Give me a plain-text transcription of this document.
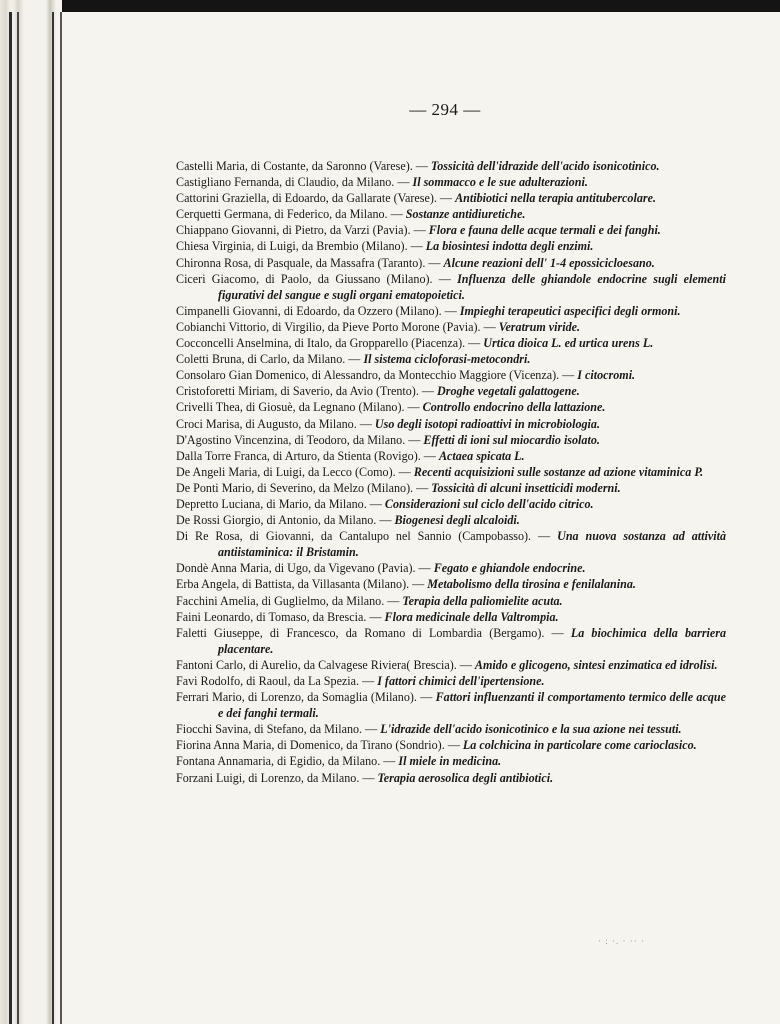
— 294 —
Castelli Maria, di Costante, da Saronno (Varese). — Tossicità dell'idrazide dell'acido isonicotinico.
Castigliano Fernanda, di Claudio, da Milano. — Il sommacco e le sue adulterazioni.
Cattorini Graziella, di Edoardo, da Gallarate (Varese). — Antibiotici nella terapia antitubercolare.
Cerquetti Germana, di Federico, da Milano. — Sostanze antidiuretiche.
Chiappano Giovanni, di Pietro, da Varzi (Pavia). — Flora e fauna delle acque termali e dei fanghi.
Chiesa Virginia, di Luigi, da Brembio (Milano). — La biosintesi indotta degli enzimi.
Chironna Rosa, di Pasquale, da Massafra (Taranto). — Alcune reazioni dell' 1-4 epossicicloesano.
Ciceri Giacomo, di Paolo, da Giussano (Milano). — Influenza delle ghiandole endocrine sugli elementi figurativi del sangue e sugli organi ematopoietici.
Cimpanelli Giovanni, di Edoardo, da Ozzero (Milano). — Impieghi terapeutici aspecifici degli ormoni.
Cobianchi Vittorio, di Virgilio, da Pieve Porto Morone (Pavia). — Veratrum viride.
Cocconcelli Anselmina, di Italo, da Gropparello (Piacenza). — Urtica dioica L. ed urtica urens L.
Coletti Bruna, di Carlo, da Milano. — Il sistema cicloforasi-metocondri.
Consolaro Gian Domenico, di Alessandro, da Montecchio Maggiore (Vicenza). — I citocromi.
Cristoforetti Miriam, di Saverio, da Avio (Trento). — Droghe vegetali galattogene.
Crivelli Thea, di Giosuè, da Legnano (Milano). — Controllo endocrino della lattazione.
Croci Marisa, di Augusto, da Milano. — Uso degli isotopi radioattivi in microbiologia.
D'Agostino Vincenzina, di Teodoro, da Milano. — Effetti di ioni sul miocardio isolato.
Dalla Torre Franca, di Arturo, da Stienta (Rovigo). — Actaea spicata L.
De Angeli Maria, di Luigi, da Lecco (Como). — Recenti acquisizioni sulle sostanze ad azione vitaminica P.
De Ponti Mario, di Severino, da Melzo (Milano). — Tossicità di alcuni insetticidi moderni.
Depretto Luciana, di Mario, da Milano. — Considerazioni sul ciclo dell'acido citrico.
De Rossi Giorgio, di Antonio, da Milano. — Biogenesi degli alcaloidi.
Di Re Rosa, di Giovanni, da Cantalupo nel Sannio (Campobasso). — Una nuova sostanza ad attività antiistaminica: il Bristamin.
Dondè Anna Maria, di Ugo, da Vigevano (Pavia). — Fegato e ghiandole endocrine.
Erba Angela, di Battista, da Villasanta (Milano). — Metabolismo della tirosina e fenilalanina.
Facchini Amelia, di Guglielmo, da Milano. — Terapia della paliomielite acuta.
Faini Leonardo, di Tomaso, da Brescia. — Flora medicinale della Valtrompia.
Faletti Giuseppe, di Francesco, da Romano di Lombardia (Bergamo). — La biochimica della barriera placentare.
Fantoni Carlo, di Aurelio, da Calvagese Riviera( Brescia). — Amido e glicogeno, sintesi enzimatica ed idrolisi.
Favi Rodolfo, di Raoul, da La Spezia. — I fattori chimici dell'ipertensione.
Ferrari Mario, di Lorenzo, da Somaglia (Milano). — Fattori influenzanti il comportamento termico delle acque e dei fanghi termali.
Fiocchi Savina, di Stefano, da Milano. — L'idrazide dell'acido isonicotinico e la sua azione nei tessuti.
Fiorina Anna Maria, di Domenico, da Tirano (Sondrio). — La colchicina in particolare come carioclasico.
Fontana Annamaria, di Egidio, da Milano. — Il miele in medicina.
Forzani Luigi, di Lorenzo, da Milano. — Terapia aerosolica degli antibiotici.
· : ·. · ·· ·
